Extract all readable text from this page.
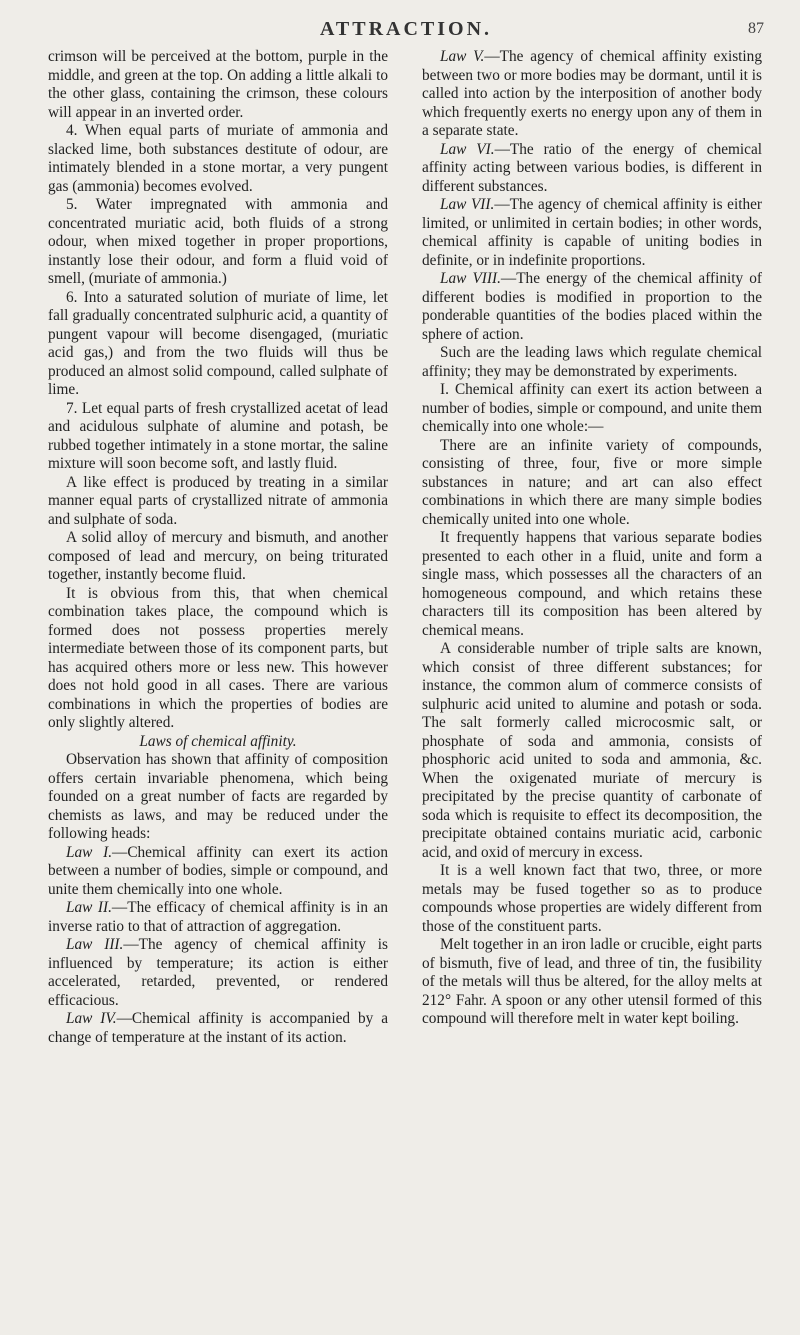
ATTRACTION.	87

crimson will be perceived at the bottom, purple in the middle, and green at the top. On adding a little alkali to the other glass, containing the crimson, these colours will appear in an inverted order.

4. When equal parts of muriate of ammonia and slacked lime, both substances destitute of odour, are intimately blended in a stone mortar, a very pungent gas (ammonia) becomes evolved.

5. Water impregnated with ammonia and concentrated muriatic acid, both fluids of a strong odour, when mixed together in proper proportions, instantly lose their odour, and form a fluid void of smell, (muriate of ammonia.)

6. Into a saturated solution of muriate of lime, let fall gradually concentrated sulphuric acid, a quantity of pungent vapour will become disengaged, (muriatic acid gas,) and from the two fluids will thus be produced an almost solid compound, called sulphate of lime.

7. Let equal parts of fresh crystallized acetat of lead and acidulous sulphate of alumine and potash, be rubbed together intimately in a stone mortar, the saline mixture will soon become soft, and lastly fluid.

A like effect is produced by treating in a similar manner equal parts of crystallized nitrate of ammonia and sulphate of soda.

A solid alloy of mercury and bismuth, and another composed of lead and mercury, on being triturated together, instantly become fluid.

It is obvious from this, that when chemical combination takes place, the compound which is formed does not possess properties merely intermediate between those of its component parts, but has acquired others more or less new. This however does not hold good in all cases. There are various combinations in which the properties of bodies are only slightly altered.

Laws of chemical affinity.

Observation has shown that affinity of composition offers certain invariable phenomena, which being founded on a great number of facts are regarded by chemists as laws, and may be reduced under the following heads:

Law I.—Chemical affinity can exert its action between a number of bodies, simple or compound, and unite them chemically into one whole.

Law II.—The efficacy of chemical affinity is in an inverse ratio to that of attraction of aggregation.

Law III.—The agency of chemical affinity is influenced by temperature; its action is either accelerated, retarded, prevented, or rendered efficacious.

Law IV.—Chemical affinity is accompanied by a change of temperature at the instant of its action.

Law V.—The agency of chemical affinity existing between two or more bodies may be dormant, until it is called into action by the interposition of another body which frequently exerts no energy upon any of them in a separate state.

Law VI.—The ratio of the energy of chemical affinity acting between various bodies, is different in different substances.

Law VII.—The agency of chemical affinity is either limited, or unlimited in certain bodies; in other words, chemical affinity is capable of uniting bodies in definite, or in indefinite proportions.

Law VIII.—The energy of the chemical affinity of different bodies is modified in proportion to the ponderable quantities of the bodies placed within the sphere of action.

Such are the leading laws which regulate chemical affinity; they may be demonstrated by experiments.

I. Chemical affinity can exert its action between a number of bodies, simple or compound, and unite them chemically into one whole:—

There are an infinite variety of compounds, consisting of three, four, five or more simple substances in nature; and art can also effect combinations in which there are many simple bodies chemically united into one whole.

It frequently happens that various separate bodies presented to each other in a fluid, unite and form a single mass, which possesses all the characters of an homogeneous compound, and which retains these characters till its composition has been altered by chemical means.

A considerable number of triple salts are known, which consist of three different substances; for instance, the common alum of commerce consists of sulphuric acid united to alumine and potash or soda. The salt formerly called microcosmic salt, or phosphate of soda and ammonia, consists of phosphoric acid united to soda and ammonia, &c. When the oxigenated muriate of mercury is precipitated by the precise quantity of carbonate of soda which is requisite to effect its decomposition, the precipitate obtained contains muriatic acid, carbonic acid, and oxid of mercury in excess.

It is a well known fact that two, three, or more metals may be fused together so as to produce compounds whose properties are widely different from those of the constituent parts.

Melt together in an iron ladle or crucible, eight parts of bismuth, five of lead, and three of tin, the fusibility of the metals will thus be altered, for the alloy melts at 212° Fahr. A spoon or any other utensil formed of this compound will therefore melt in water kept boiling.
